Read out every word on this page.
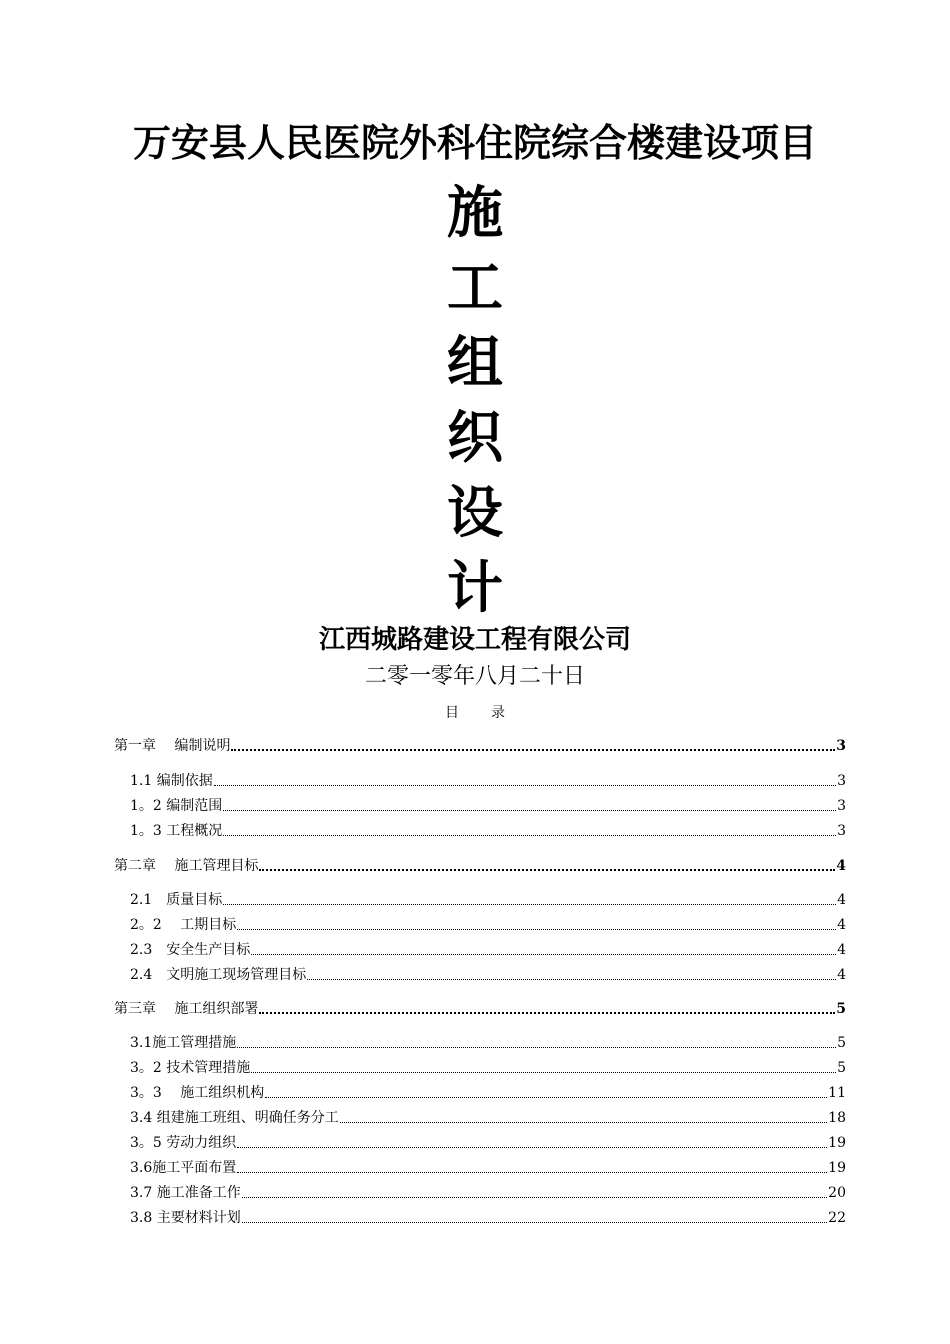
万安县人民医院外科住院综合楼建设项目
施
工
组
织
设
计
江西城路建设工程有限公司
二零一零年八月二十日
目 录
第一章　 编制说明	3
1.1 编制依据	3
1。2 编制范围	3
1。3 工程概况	3
第二章　 施工管理目标	4
2.1　质量目标	4
2。2　 工期目标	4
2.3　安全生产目标	4
2.4　文明施工现场管理目标	4
第三章　 施工组织部署	5
3.1施工管理措施	5
3。2 技术管理措施	5
3。3　 施工组织机构	11
3.4 组建施工班组、明确任务分工	18
3。5 劳动力组织	19
3.6施工平面布置	19
3.7 施工准备工作	20
3.8 主要材料计划	22
